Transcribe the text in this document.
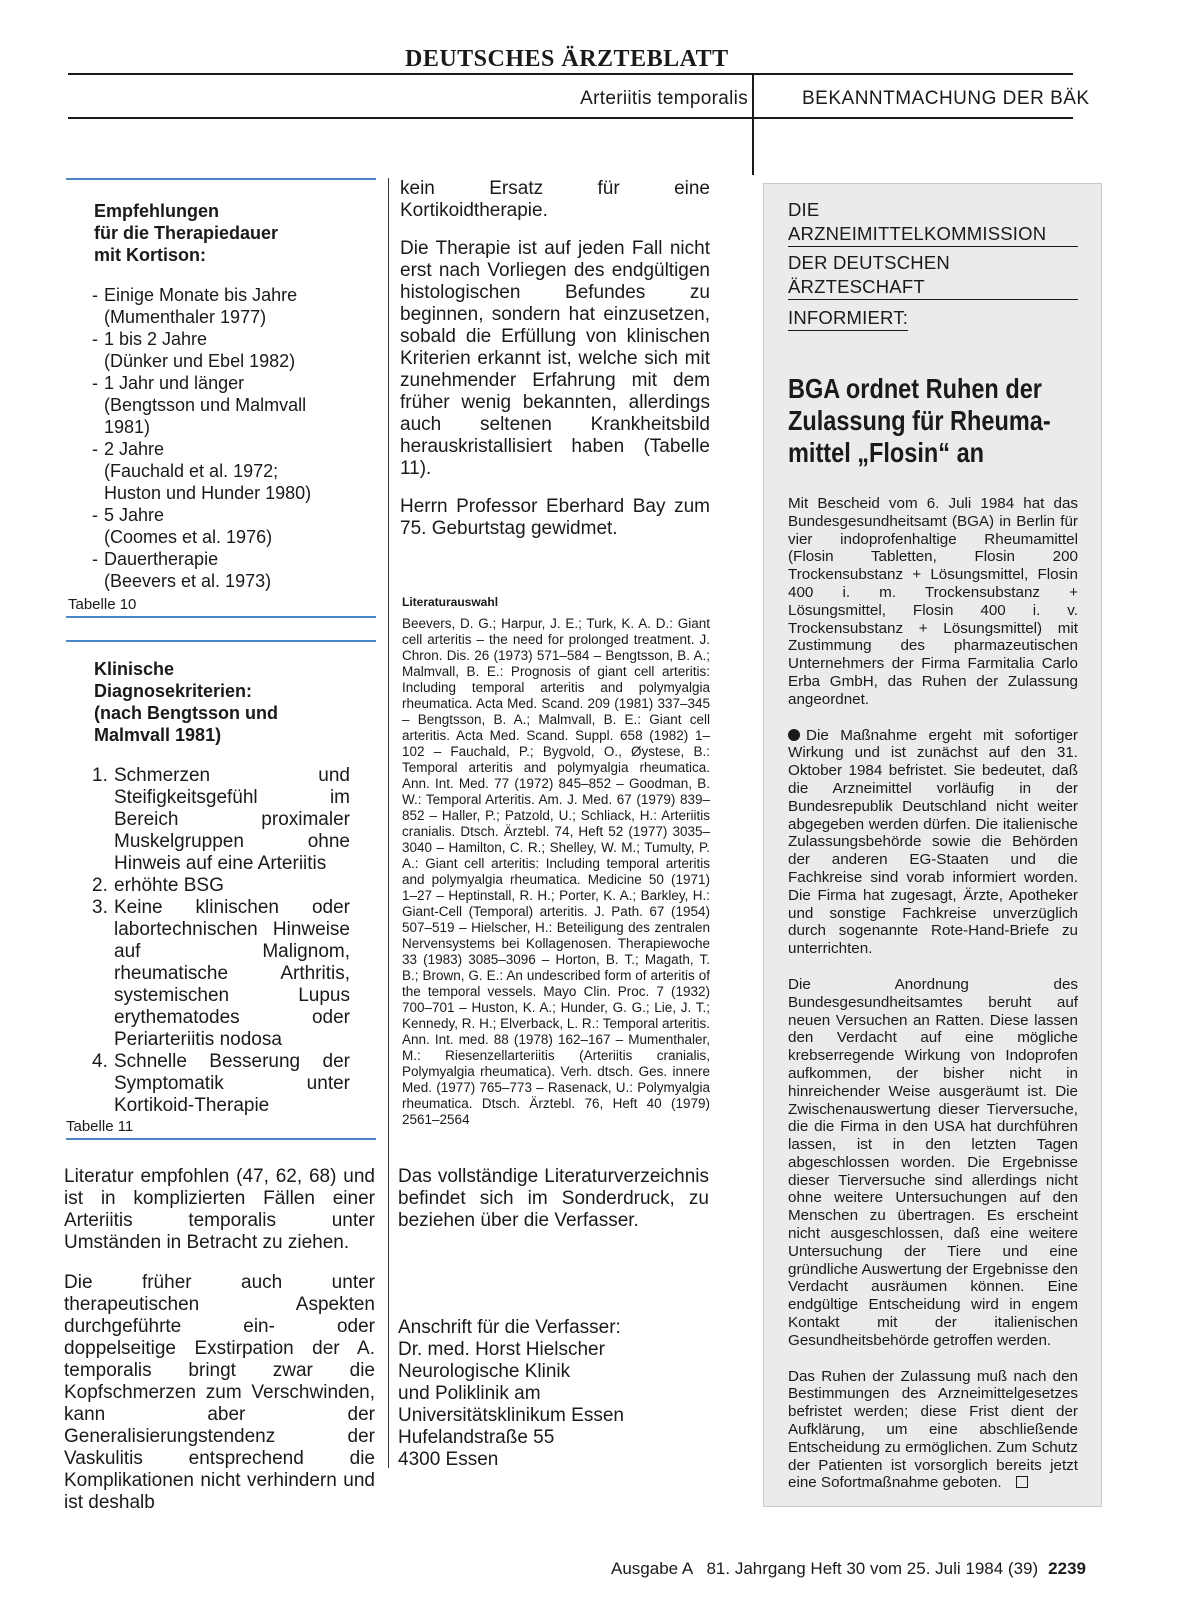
DEUTSCHES ÄRZTEBLATT
Arteriitis temporalis	BEKANNTMACHUNG DER BÄK
Empfehlungen
für die Therapiedauer
mit Kortison:
- Einige Monate bis Jahre
(Mumenthaler 1977)
- 1 bis 2 Jahre
(Dünker und Ebel 1982)
- 1 Jahr und länger
(Bengtsson und Malmvall
1981)
- 2 Jahre
(Fauchald et al. 1972;
Huston und Hunder 1980)
- 5 Jahre
(Coomes et al. 1976)
- Dauertherapie
(Beevers et al. 1973)
Tabelle 10
Klinische
Diagnosekriterien:
(nach Bengtsson und
Malmvall 1981)
1. Schmerzen und Steifigkeitsgefühl im Bereich proximaler Muskelgruppen ohne Hinweis auf eine Arteriitis
2. erhöhte BSG
3. Keine klinischen oder labortechnischen Hinweise auf Malignom, rheumatische Arthritis, systemischen Lupus erythematodes oder Periarteriitis nodosa
4. Schnelle Besserung der Symptomatik unter Kortikoid-Therapie
Tabelle 11
Literatur empfohlen (47, 62, 68) und ist in komplizierten Fällen einer Arteriitis temporalis unter Umständen in Betracht zu ziehen.
Die früher auch unter therapeutischen Aspekten durchgeführte ein- oder doppelseitige Exstirpation der A. temporalis bringt zwar die Kopfschmerzen zum Verschwinden, kann aber der Generalisierungstendenz der Vaskulitis entsprechend die Komplikationen nicht verhindern und ist deshalb
kein Ersatz für eine Kortikoidtherapie.
Die Therapie ist auf jeden Fall nicht erst nach Vorliegen des endgültigen histologischen Befundes zu beginnen, sondern hat einzusetzen, sobald die Erfüllung von klinischen Kriterien erkannt ist, welche sich mit zunehmender Erfahrung mit dem früher wenig bekannten, allerdings auch seltenen Krankheitsbild herauskristallisiert haben (Tabelle 11).
Herrn Professor Eberhard Bay zum 75. Geburtstag gewidmet.
Literaturauswahl
Beevers, D. G.; Harpur, J. E.; Turk, K. A. D.: Giant cell arteritis – the need for prolonged treatment. J. Chron. Dis. 26 (1973) 571–584 – Bengtsson, B. A.; Malmvall, B. E.: Prognosis of giant cell arteritis: Including temporal arteritis and polymyalgia rheumatica. Acta Med. Scand. 209 (1981) 337–345 – Bengtsson, B. A.; Malmvall, B. E.: Giant cell arteritis. Acta Med. Scand. Suppl. 658 (1982) 1–102 – Fauchald, P.; Bygvold, O., Øystese, B.: Temporal arteritis and polymyalgia rheumatica. Ann. Int. Med. 77 (1972) 845–852 – Goodman, B. W.: Temporal Arteritis. Am. J. Med. 67 (1979) 839–852 – Haller, P.; Patzold, U.; Schliack, H.: Arteriitis cranialis. Dtsch. Ärztebl. 74, Heft 52 (1977) 3035–3040 – Hamilton, C. R.; Shelley, W. M.; Tumulty, P. A.: Giant cell arteritis: Including temporal arteritis and polymyalgia rheumatica. Medicine 50 (1971) 1–27 – Heptinstall, R. H.; Porter, K. A.; Barkley, H.: Giant-Cell (Temporal) arteritis. J. Path. 67 (1954) 507–519 – Hielscher, H.: Beteiligung des zentralen Nervensystems bei Kollagenosen. Therapiewoche 33 (1983) 3085–3096 – Horton, B. T.; Magath, T. B.; Brown, G. E.: An undescribed form of arteritis of the temporal vessels. Mayo Clin. Proc. 7 (1932) 700–701 – Huston, K. A.; Hunder, G. G.; Lie, J. T.; Kennedy, R. H.; Elverback, L. R.: Temporal arteritis. Ann. Int. med. 88 (1978) 162–167 – Mumenthaler, M.: Riesenzellarteriitis (Arteriitis cranialis, Polymyalgia rheumatica). Verh. dtsch. Ges. innere Med. (1977) 765–773 – Rasenack, U.: Polymyalgia rheumatica. Dtsch. Ärztebl. 76, Heft 40 (1979) 2561–2564
Das vollständige Literaturverzeichnis befindet sich im Sonderdruck, zu beziehen über die Verfasser.
Anschrift für die Verfasser:
Dr. med. Horst Hielscher
Neurologische Klinik
und Poliklinik am
Universitätsklinikum Essen
Hufelandstraße 55
4300 Essen
DIE ARZNEIMITTELKOMMISSION
DER DEUTSCHEN ÄRZTESCHAFT
INFORMIERT:
BGA ordnet Ruhen der
Zulassung für Rheuma-
mittel „Flosin“ an

Mit Bescheid vom 6. Juli 1984 hat das Bundesgesundheitsamt (BGA) in Berlin für vier indoprofenhaltige Rheumamittel (Flosin Tabletten, Flosin 200 Trockensubstanz + Lösungsmittel, Flosin 400 i. m. Trockensubstanz + Lösungsmittel, Flosin 400 i. v. Trockensubstanz + Lösungsmittel) mit Zustimmung des pharmazeutischen Unternehmers der Firma Farmitalia Carlo Erba GmbH, das Ruhen der Zulassung angeordnet.

Die Maßnahme ergeht mit sofortiger Wirkung und ist zunächst auf den 31. Oktober 1984 befristet. Sie bedeutet, daß die Arzneimittel vorläufig in der Bundesrepublik Deutschland nicht weiter abgegeben werden dürfen. Die italienische Zulassungsbehörde sowie die Behörden der anderen EG-Staaten und die Fachkreise sind vorab informiert worden. Die Firma hat zugesagt, Ärzte, Apotheker und sonstige Fachkreise unverzüglich durch sogenannte Rote-Hand-Briefe zu unterrichten.

Die Anordnung des Bundesgesundheitsamtes beruht auf neuen Versuchen an Ratten. Diese lassen den Verdacht auf eine mögliche krebserregende Wirkung von Indoprofen aufkommen, der bisher nicht in hinreichender Weise ausgeräumt ist. Die Zwischenauswertung dieser Tierversuche, die die Firma in den USA hat durchführen lassen, ist in den letzten Tagen abgeschlossen worden. Die Ergebnisse dieser Tierversuche sind allerdings nicht ohne weitere Untersuchungen auf den Menschen zu übertragen. Es erscheint nicht ausgeschlossen, daß eine weitere Untersuchung der Tiere und eine gründliche Auswertung der Ergebnisse den Verdacht ausräumen können. Eine endgültige Entscheidung wird in engem Kontakt mit der italienischen Gesundheitsbehörde getroffen werden.

Das Ruhen der Zulassung muß nach den Bestimmungen des Arzneimittelgesetzes befristet werden; diese Frist dient der Aufklärung, um eine abschließende Entscheidung zu ermöglichen. Zum Schutz der Patienten ist vorsorglich bereits jetzt eine Sofortmaßnahme geboten.

Ausgabe A   81. Jahrgang Heft 30 vom 25. Juli 1984 (39) 2239
